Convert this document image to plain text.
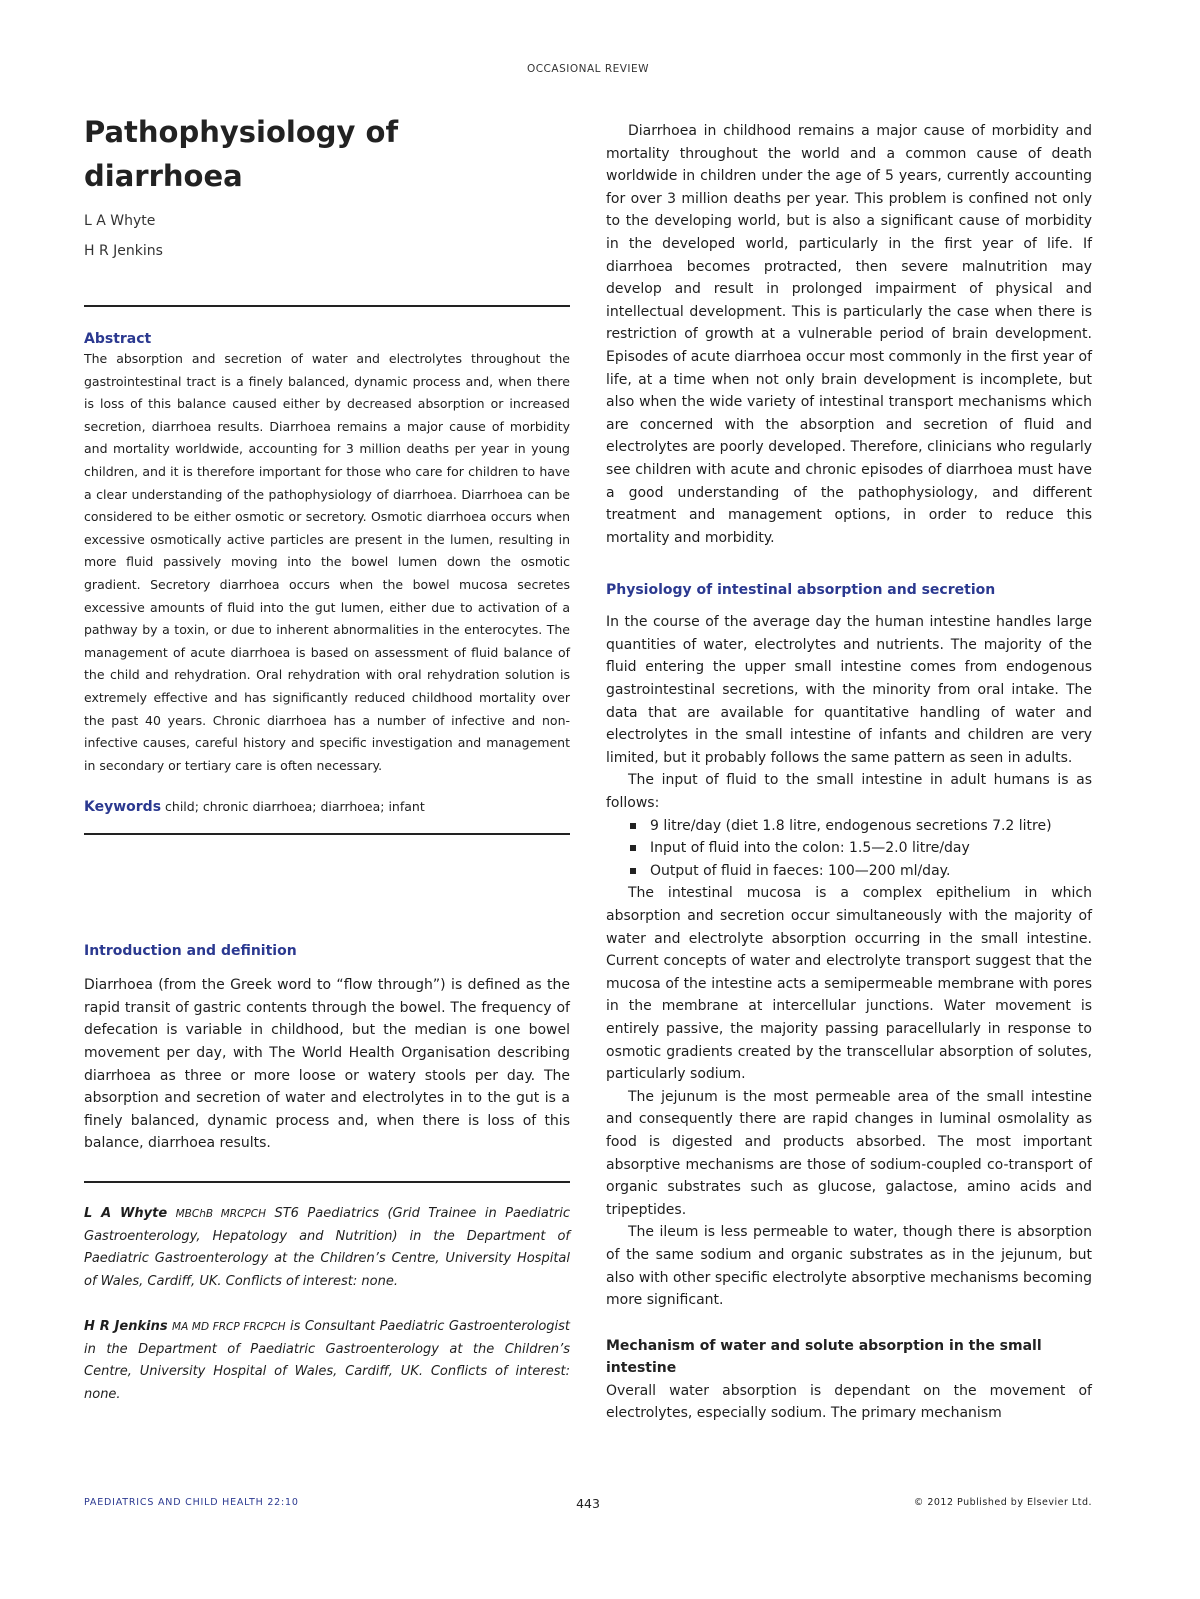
OCCASIONAL REVIEW
Pathophysiology of
diarrhoea
L A Whyte
H R Jenkins
Abstract

The absorption and secretion of water and electrolytes throughout the gastrointestinal tract is a finely balanced, dynamic process and, when there is loss of this balance caused either by decreased absorption or increased secretion, diarrhoea results. Diarrhoea remains a major cause of morbidity and mortality worldwide, accounting for 3 million deaths per year in young children, and it is therefore important for those who care for children to have a clear understanding of the pathophysiology of diarrhoea. Diarrhoea can be considered to be either osmotic or secretory. Osmotic diarrhoea occurs when excessive osmotically active particles are present in the lumen, resulting in more fluid passively moving into the bowel lumen down the osmotic gradient. Secretory diarrhoea occurs when the bowel mucosa secretes excessive amounts of fluid into the gut lumen, either due to activation of a pathway by a toxin, or due to inherent abnormalities in the enterocytes. The management of acute diarrhoea is based on assessment of fluid balance of the child and rehydration. Oral rehydration with oral rehydration solution is extremely effective and has significantly reduced childhood mortality over the past 40 years. Chronic diarrhoea has a number of infective and non-infective causes, careful history and specific investigation and management in secondary or tertiary care is often necessary.

Keywords child; chronic diarrhoea; diarrhoea; infant
Introduction and definition

Diarrhoea (from the Greek word to “flow through”) is defined as the rapid transit of gastric contents through the bowel. The frequency of defecation is variable in childhood, but the median is one bowel movement per day, with The World Health Organisation describing diarrhoea as three or more loose or watery stools per day. The absorption and secretion of water and electrolytes in to the gut is a finely balanced, dynamic process and, when there is loss of this balance, diarrhoea results.

L A Whyte MBChB MRCPCH ST6 Paediatrics (Grid Trainee in Paediatric Gastroenterology, Hepatology and Nutrition) in the Department of Paediatric Gastroenterology at the Children’s Centre, University Hospital of Wales, Cardiff, UK. Conflicts of interest: none.

H R Jenkins MA MD FRCP FRCPCH is Consultant Paediatric Gastroenterologist in the Department of Paediatric Gastroenterology at the Children’s Centre, University Hospital of Wales, Cardiff, UK. Conflicts of interest: none.

Diarrhoea in childhood remains a major cause of morbidity and mortality throughout the world and a common cause of death worldwide in children under the age of 5 years, currently accounting for over 3 million deaths per year. This problem is confined not only to the developing world, but is also a significant cause of morbidity in the developed world, particularly in the first year of life. If diarrhoea becomes protracted, then severe malnutrition may develop and result in prolonged impairment of physical and intellectual development. This is particularly the case when there is restriction of growth at a vulnerable period of brain development. Episodes of acute diarrhoea occur most commonly in the first year of life, at a time when not only brain development is incomplete, but also when the wide variety of intestinal transport mechanisms which are concerned with the absorption and secretion of fluid and electrolytes are poorly developed. Therefore, clinicians who regularly see children with acute and chronic episodes of diarrhoea must have a good understanding of the pathophysiology, and different treatment and management options, in order to reduce this mortality and morbidity.

Physiology of intestinal absorption and secretion

In the course of the average day the human intestine handles large quantities of water, electrolytes and nutrients. The majority of the fluid entering the upper small intestine comes from endogenous gastrointestinal secretions, with the minority from oral intake. The data that are available for quantitative handling of water and electrolytes in the small intestine of infants and children are very limited, but it probably follows the same pattern as seen in adults.

The input of fluid to the small intestine in adult humans is as follows:

9 litre/day (diet 1.8 litre, endogenous secretions 7.2 litre)
Input of fluid into the colon: 1.5—2.0 litre/day
Output of fluid in faeces: 100—200 ml/day.

The intestinal mucosa is a complex epithelium in which absorption and secretion occur simultaneously with the majority of water and electrolyte absorption occurring in the small intestine. Current concepts of water and electrolyte transport suggest that the mucosa of the intestine acts a semipermeable membrane with pores in the membrane at intercellular junctions. Water movement is entirely passive, the majority passing paracellularly in response to osmotic gradients created by the transcellular absorption of solutes, particularly sodium.

The jejunum is the most permeable area of the small intestine and consequently there are rapid changes in luminal osmolality as food is digested and products absorbed. The most important absorptive mechanisms are those of sodium-coupled co-transport of organic substrates such as glucose, galactose, amino acids and tripeptides.

The ileum is less permeable to water, though there is absorption of the same sodium and organic substrates as in the jejunum, but also with other specific electrolyte absorptive mechanisms becoming more significant.

Mechanism of water and solute absorption in the small intestine

Overall water absorption is dependant on the movement of electrolytes, especially sodium. The primary mechanism

PAEDIATRICS AND CHILD HEALTH 22:10	443	© 2012 Published by Elsevier Ltd.
